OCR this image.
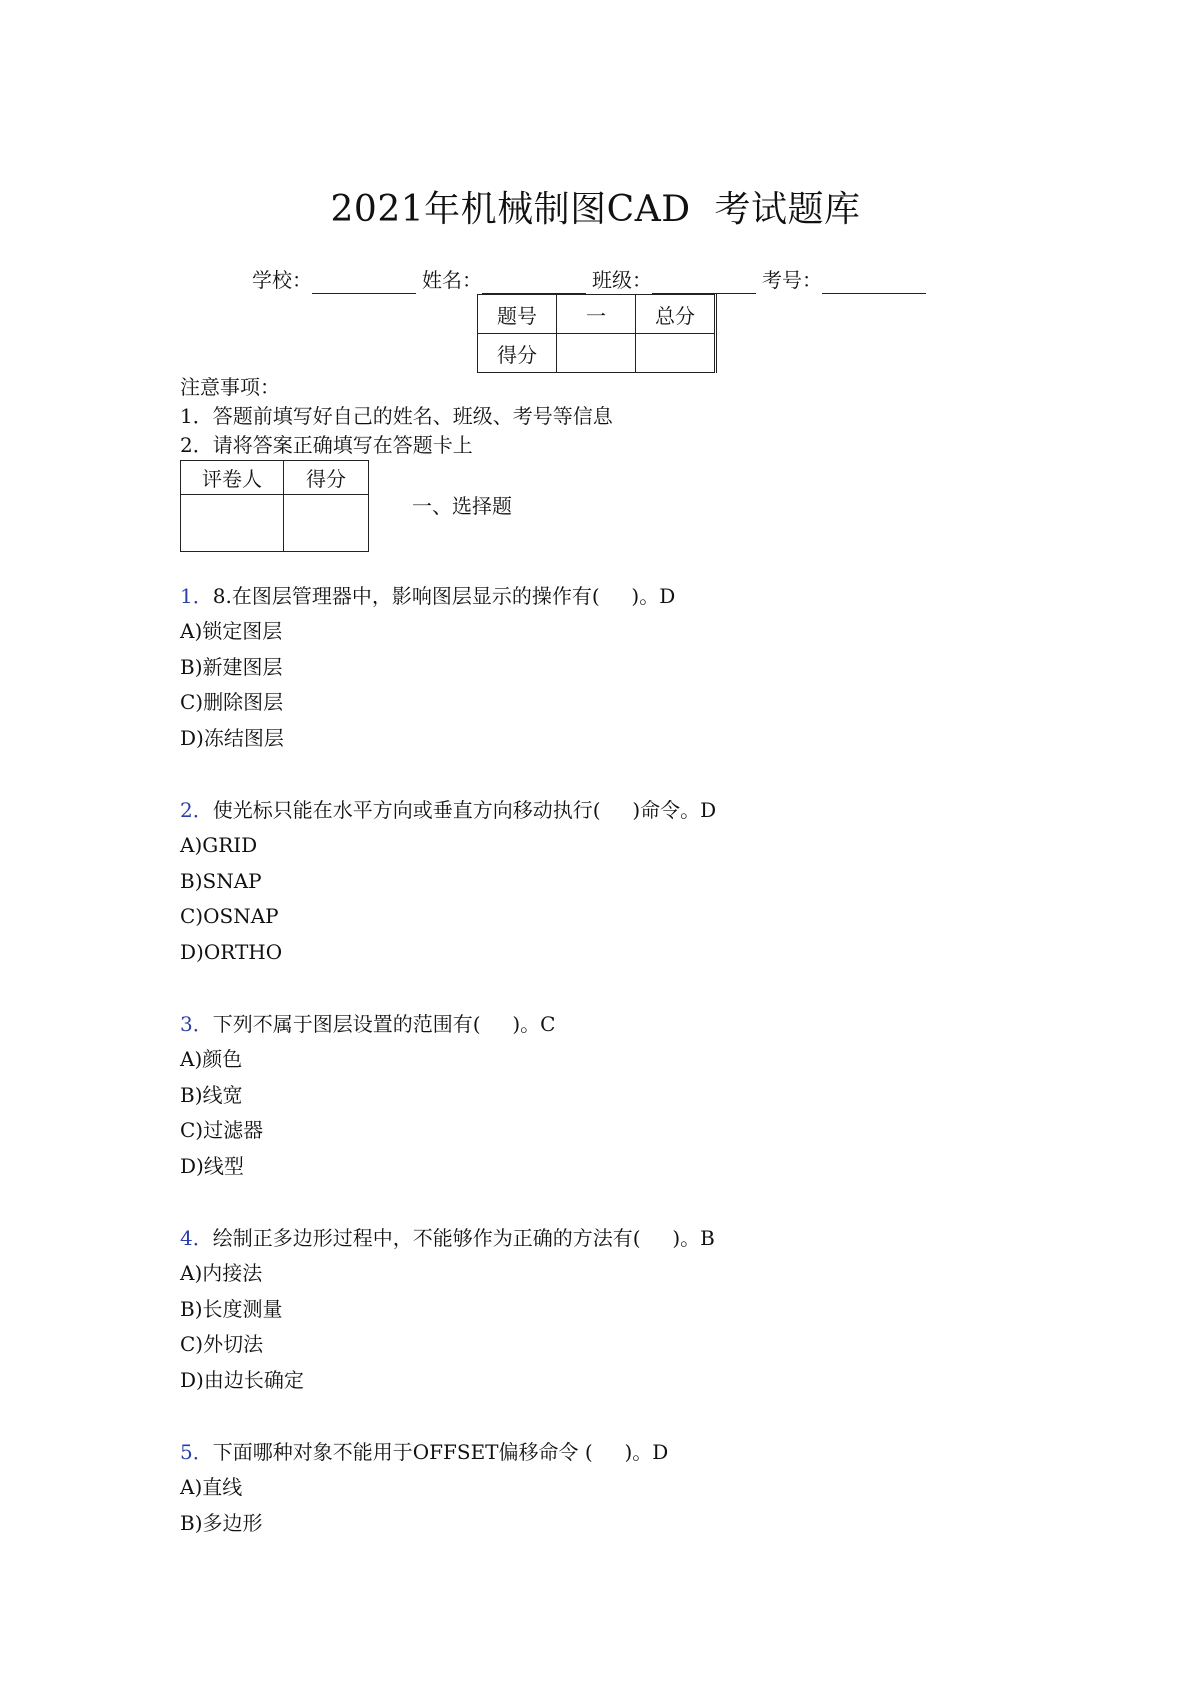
2021年机械制图CAD  考试题库
学校：	姓名：	班级：	考号：
题号	一	总分
得分		
注意事项：
1．答题前填写好自己的姓名、班级、考号等信息
2．请将答案正确填写在答题卡上
评卷人	得分

一、选择题
1．8.在图层管理器中，影响图层显示的操作有(     )。D
A)锁定图层
B)新建图层
C)删除图层
D)冻结图层
2．使光标只能在水平方向或垂直方向移动执行(     )命令。D
A)GRID
B)SNAP
C)OSNAP
D)ORTHO
3．下列不属于图层设置的范围有(     )。C
A)颜色
B)线宽
C)过滤器
D)线型
4．绘制正多边形过程中，不能够作为正确的方法有(     )。B
A)内接法
B)长度测量
C)外切法
D)由边长确定
5．下面哪种对象不能用于OFFSET偏移命令 (     )。D
A)直线
B)多边形
